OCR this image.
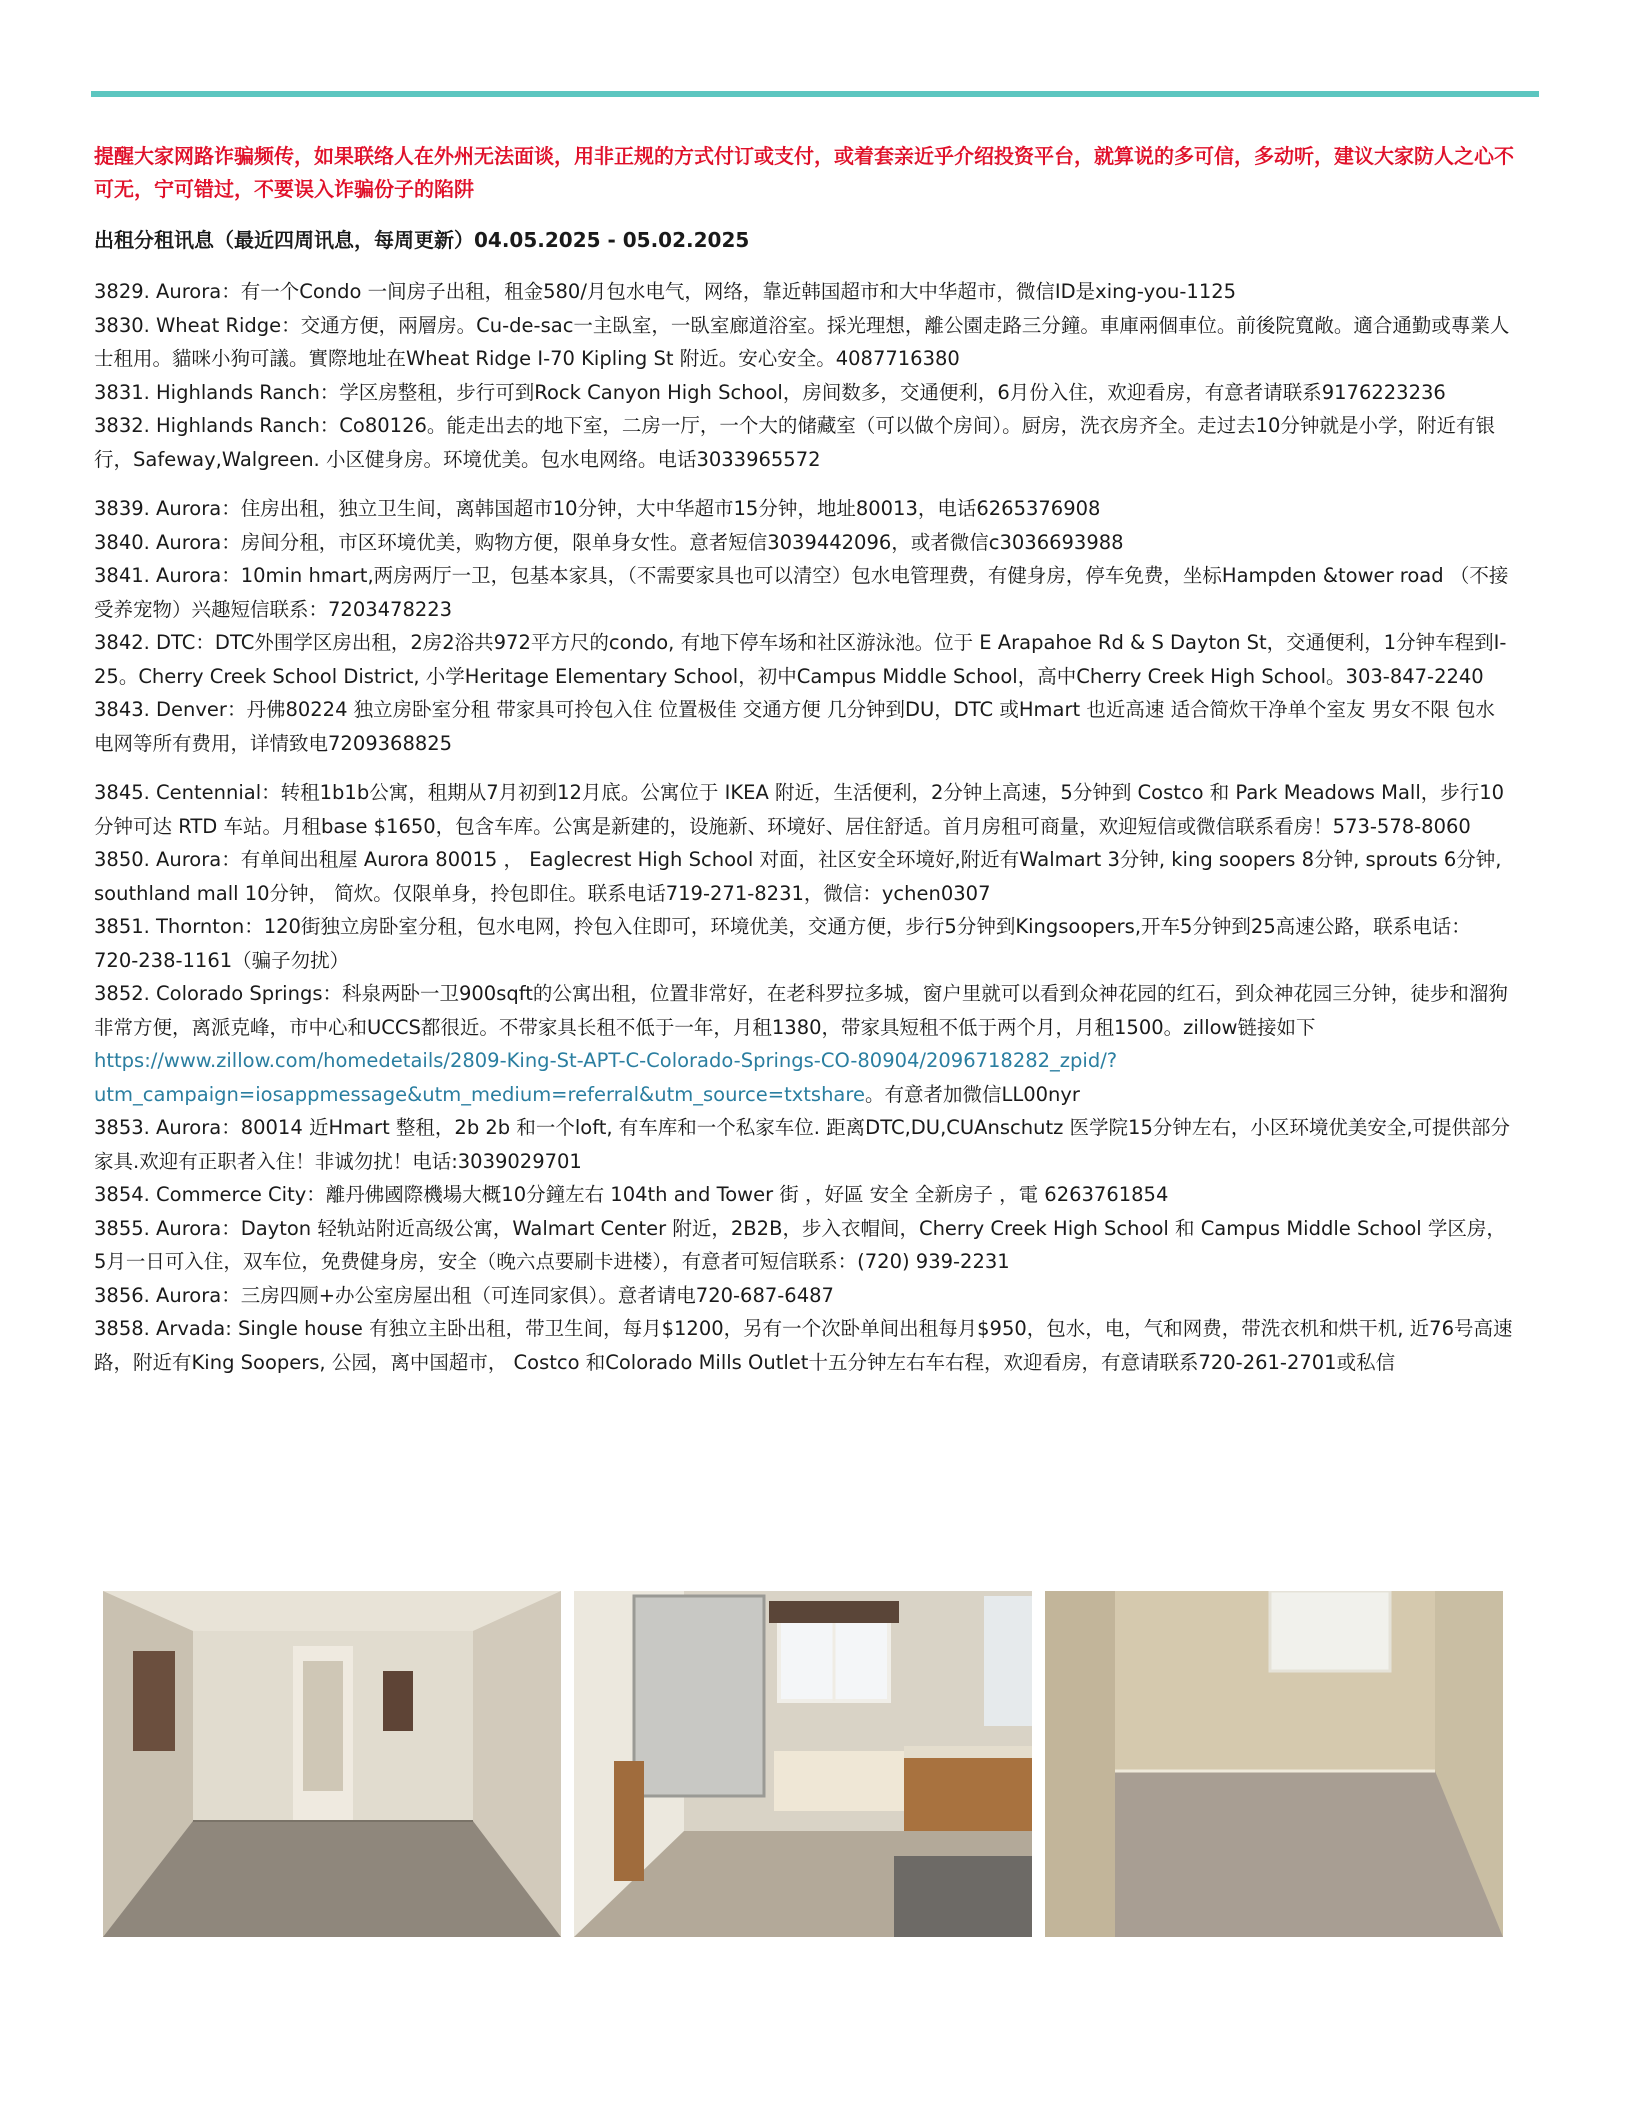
提醒大家网路诈骗频传，如果联络人在外州无法面谈，用非正规的方式付订或支付，或着套亲近乎介绍投资平台，就算说的多可信，多动听，建议大家防人之心不可无，宁可错过，不要误入诈骗份子的陷阱

出租分租讯息（最近四周讯息，每周更新）04.05.2025 - 05.02.2025

3829. Aurora：有一个Condo 一间房子出租，租金580/月包水电气，网络，靠近韩国超市和大中华超市，微信ID是xing-you-1125
3830. Wheat Ridge：交通方便，兩層房。Cu-de-sac一主臥室，一臥室廊道浴室。採光理想，離公園走路三分鐘。車庫兩個車位。前後院寬敞。適合通勤或專業人士租用。貓咪小狗可議。實際地址在Wheat Ridge I-70 Kipling St 附近。安心安全。4087716380
3831. Highlands Ranch：学区房整租，步行可到Rock Canyon High School，房间数多，交通便利，6月份入住，欢迎看房，有意者请联系9176223236
3832. Highlands Ranch：Co80126。能走出去的地下室，二房一厅，一个大的储藏室（可以做个房间）。厨房，洗衣房齐全。走过去10分钟就是小学，附近有银行，Safeway,Walgreen. 小区健身房。环境优美。包水电网络。电话3033965572
3839. Aurora：住房出租，独立卫生间，离韩国超市10分钟，大中华超市15分钟，地址80013，电话6265376908
3840. Aurora：房间分租，市区环境优美，购物方便，限单身女性。意者短信3039442096，或者微信c3036693988
3841. Aurora：10min hmart,两房两厅一卫，包基本家具，（不需要家具也可以清空）包水电管理费，有健身房，停车免费，坐标Hampden &tower road （不接受养宠物）兴趣短信联系：7203478223
3842. DTC：DTC外围学区房出租，2房2浴共972平方尺的condo, 有地下停车场和社区游泳池。位于 E Arapahoe Rd & S Dayton St，交通便利，1分钟车程到I-25。Cherry Creek School District, 小学Heritage Elementary School，初中Campus Middle School，高中Cherry Creek High School。303-847-2240
3843. Denver：丹佛80224 独立房卧室分租 带家具可拎包入住 位置极佳 交通方便 几分钟到DU，DTC 或Hmart 也近高速 适合简炊干净单个室友 男女不限 包水电网等所有费用，详情致电7209368825
3845. Centennial：转租1b1b公寓，租期从7月初到12月底。公寓位于 IKEA 附近，生活便利，2分钟上高速，5分钟到 Costco 和 Park Meadows Mall，步行10分钟可达 RTD 车站。月租base $1650，包含车库。公寓是新建的，设施新、环境好、居住舒适。首月房租可商量，欢迎短信或微信联系看房！573-578-8060
3850. Aurora：有单间出租屋 Aurora 80015 ， Eaglecrest High School 对面，社区安全环境好,附近有Walmart 3分钟, king soopers 8分钟, sprouts 6分钟, southland mall 10分钟， 简炊。仅限单身，拎包即住。联系电话719-271-8231，微信：ychen0307
3851. Thornton：120街独立房卧室分租，包水电网，拎包入住即可，环境优美，交通方便，步行5分钟到Kingsoopers,开车5分钟到25高速公路，联系电话：720-238-1161（骗子勿扰）
3852. Colorado Springs：科泉两卧一卫900sqft的公寓出租，位置非常好，在老科罗拉多城，窗户里就可以看到众神花园的红石，到众神花园三分钟，徒步和溜狗非常方便，离派克峰，市中心和UCCS都很近。不带家具长租不低于一年，月租1380，带家具短租不低于两个月，月租1500。zillow链接如下https://www.zillow.com/homedetails/2809-King-St-APT-C-Colorado-Springs-CO-80904/2096718282_zpid/?utm_campaign=iosappmessage&utm_medium=referral&utm_source=txtshare。有意者加微信LL00nyr
3853. Aurora：80014 近Hmart 整租，2b 2b 和一个loft, 有车库和一个私家车位. 距离DTC,DU,CUAnschutz 医学院15分钟左右，小区环境优美安全,可提供部分家具.欢迎有正职者入住！非诚勿扰！电话:3039029701
3854. Commerce City：離丹佛國際機場大概10分鐘左右 104th and Tower 街 ，好區 安全 全新房子 ，電 6263761854
3855. Aurora：Dayton 轻轨站附近高级公寓，Walmart Center 附近，2B2B，步入衣帽间，Cherry Creek High School 和 Campus Middle School 学区房，5月一日可入住，双车位，免费健身房，安全（晚六点要刷卡进楼），有意者可短信联系：(720) 939-2231
3856. Aurora：三房四厕+办公室房屋出租（可连同家俱）。意者请电720-687-6487
3858. Arvada: Single house 有独立主卧出租，带卫生间，每月$1200，另有一个次卧单间出租每月$950，包水，电，气和网费，带洗衣机和烘干机, 近76号高速路，附近有King Soopers, 公园，离中国超市， Costco 和Colorado Mills Outlet十五分钟左右车右程，欢迎看房，有意请联系720-261-2701或私信
